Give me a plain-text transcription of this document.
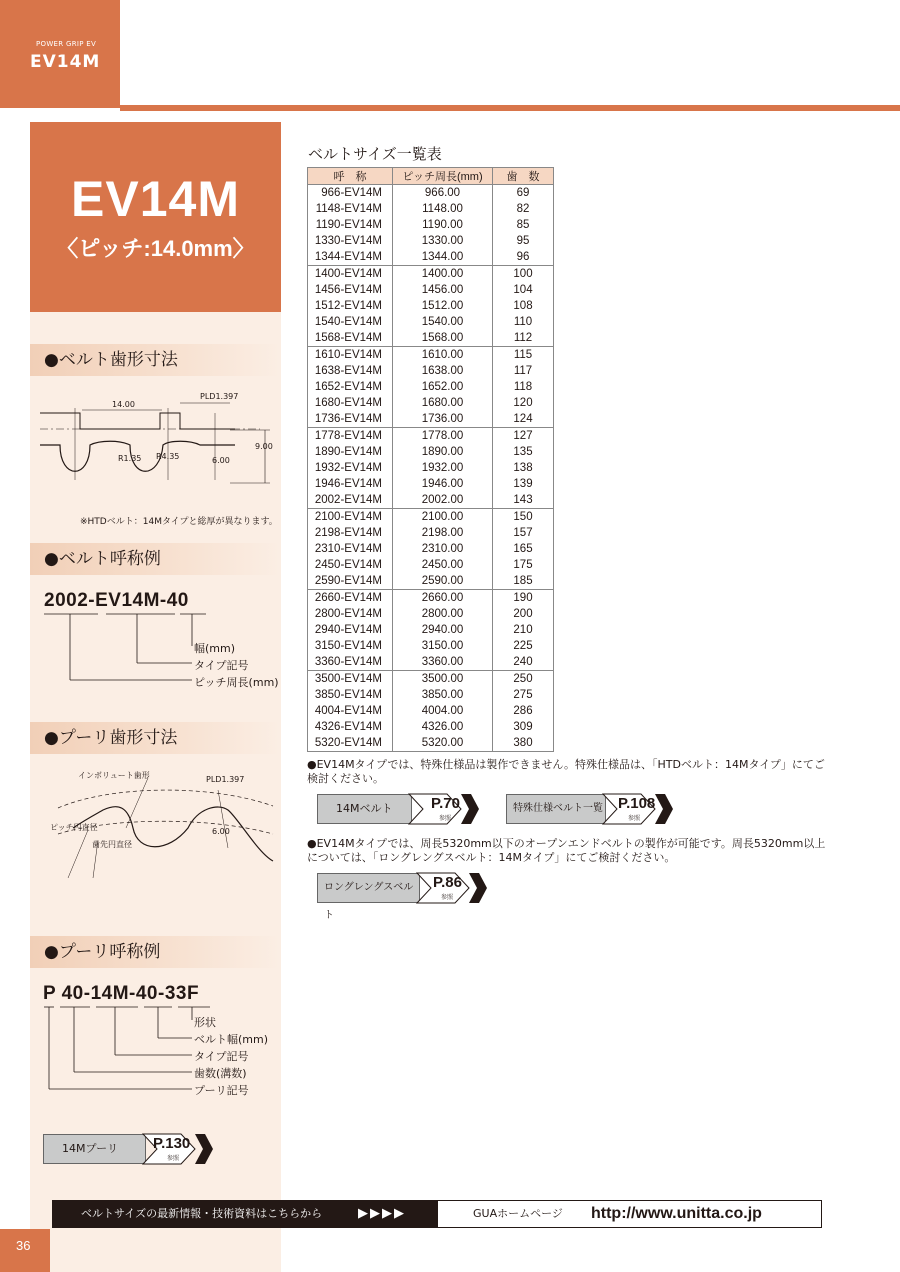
POWER GRIP EV
EV14M
EV14M
〈ピッチ:14.0mm〉
●ベルト歯形寸法
14.00
PLD1.397
9.00
6.00
R1.35 R4.35
※HTDベルト：14Mタイプと総厚が異なります。
●ベルト呼称例
2002-EV14M-40
幅(mm)
タイプ記号
ピッチ周長(mm)
●プーリ歯形寸法
インボリュート歯形	PLD1.397
ピッチ円直径
歯先円直径
6.00
●プーリ呼称例
P 40-14M-40-33F
形状
ベルト幅(mm)
タイプ記号
歯数(溝数)
プーリ記号
14Mプーリ	P.130
参照
ベルトサイズ一覧表
呼　称	ピッチ周長(mm)	歯　数
966-EV14M	966.00	69
1148-EV14M	1148.00	82
1190-EV14M	1190.00	85
1330-EV14M	1330.00	95
1344-EV14M	1344.00	96
1400-EV14M	1400.00	100
1456-EV14M	1456.00	104
1512-EV14M	1512.00	108
1540-EV14M	1540.00	110
1568-EV14M	1568.00	112
1610-EV14M	1610.00	115
1638-EV14M	1638.00	117
1652-EV14M	1652.00	118
1680-EV14M	1680.00	120
1736-EV14M	1736.00	124
1778-EV14M	1778.00	127
1890-EV14M	1890.00	135
1932-EV14M	1932.00	138
1946-EV14M	1946.00	139
2002-EV14M	2002.00	143
2100-EV14M	2100.00	150
2198-EV14M	2198.00	157
2310-EV14M	2310.00	165
2450-EV14M	2450.00	175
2590-EV14M	2590.00	185
2660-EV14M	2660.00	190
2800-EV14M	2800.00	200
2940-EV14M	2940.00	210
3150-EV14M	3150.00	225
3360-EV14M	3360.00	240
3500-EV14M	3500.00	250
3850-EV14M	3850.00	275
4004-EV14M	4004.00	286
4326-EV14M	4326.00	309
5320-EV14M	5320.00	380
●EV14Mタイプでは、特殊仕様品は製作できません。特殊仕様品は、「HTDベルト：14Mタイプ」にてご検討ください。
14Mベルト	P.70
参照
特殊仕様ベルト一覧 P.108
参照
●EV14Mタイプでは、周長5320mm以下のオープンエンドベルトの製作が可能です。周長5320mm以上については、「ロングレングスベルト：14Mタイプ」にてご検討ください。
ロングレングスベルト
P.86
参照
ベルトサイズの最新情報・技術資料はこちらから	▶▶▶▶	GUAホームページ http://www.unitta.co.jp
36
